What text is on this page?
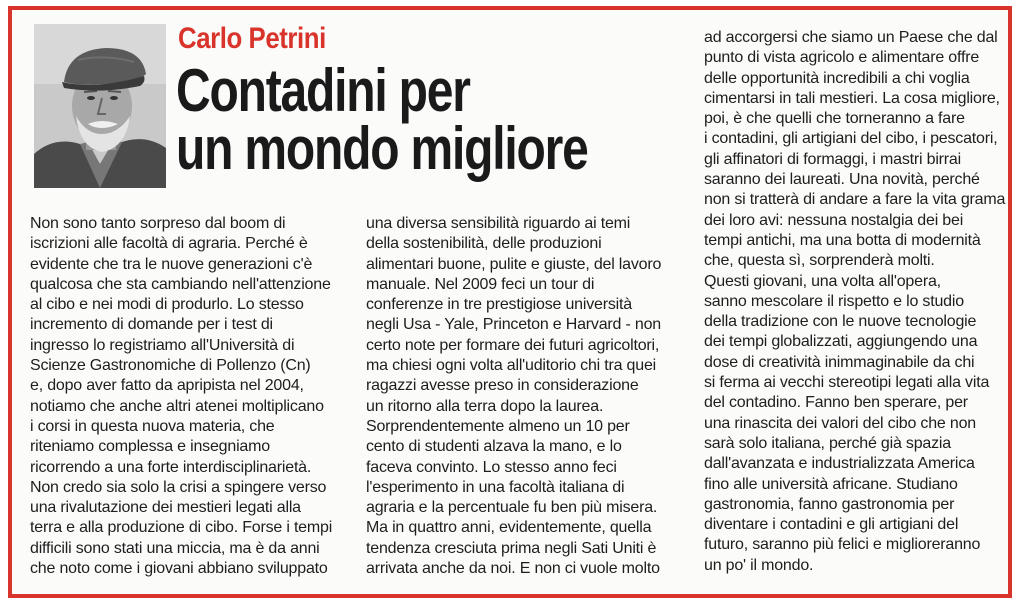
Carlo Petrini
Contadini per
un mondo migliore
Non sono tanto sorpreso dal boom di
iscrizioni alle facoltà di agraria. Perché è
evidente che tra le nuove generazioni c'è
qualcosa che sta cambiando nell'attenzione
al cibo e nei modi di produrlo. Lo stesso
incremento di domande per i test di
ingresso lo registriamo all'Università di
Scienze Gastronomiche di Pollenzo (Cn)
e, dopo aver fatto da apripista nel 2004,
notiamo che anche altri atenei moltiplicano
i corsi in questa nuova materia, che
riteniamo complessa e insegniamo
ricorrendo a una forte interdisciplinarietà.
Non credo sia solo la crisi a spingere verso
una rivalutazione dei mestieri legati alla
terra e alla produzione di cibo. Forse i tempi
difficili sono stati una miccia, ma è da anni
che noto come i giovani abbiano sviluppato
una diversa sensibilità riguardo ai temi
della sostenibilità, delle produzioni
alimentari buone, pulite e giuste, del lavoro
manuale. Nel 2009 feci un tour di
conferenze in tre prestigiose università
negli Usa - Yale, Princeton e Harvard - non
certo note per formare dei futuri agricoltori,
ma chiesi ogni volta all'uditorio chi tra quei
ragazzi avesse preso in considerazione
un ritorno alla terra dopo la laurea.
Sorprendentemente almeno un 10 per
cento di studenti alzava la mano, e lo
faceva convinto. Lo stesso anno feci
l'esperimento in una facoltà italiana di
agraria e la percentuale fu ben più misera.
Ma in quattro anni, evidentemente, quella
tendenza cresciuta prima negli Sati Uniti è
arrivata anche da noi. E non ci vuole molto
ad accorgersi che siamo un Paese che dal
punto di vista agricolo e alimentare offre
delle opportunità incredibili a chi voglia
cimentarsi in tali mestieri. La cosa migliore,
poi, è che quelli che torneranno a fare
i contadini, gli artigiani del cibo, i pescatori,
gli affinatori di formaggi, i mastri birrai
saranno dei laureati. Una novità, perché
non si tratterà di andare a fare la vita grama
dei loro avi: nessuna nostalgia dei bei
tempi antichi, ma una botta di modernità
che, questa sì, sorprenderà molti.
Questi giovani, una volta all'opera,
sanno mescolare il rispetto e lo studio
della tradizione con le nuove tecnologie
dei tempi globalizzati, aggiungendo una
dose di creatività inimmaginabile da chi
si ferma ai vecchi stereotipi legati alla vita
del contadino. Fanno ben sperare, per
una rinascita dei valori del cibo che non
sarà solo italiana, perché già spazia
dall'avanzata e industrializzata America
fino alle università africane. Studiano
gastronomia, fanno gastronomia per
diventare i contadini e gli artigiani del
futuro, saranno più felici e miglioreranno
un po' il mondo.
